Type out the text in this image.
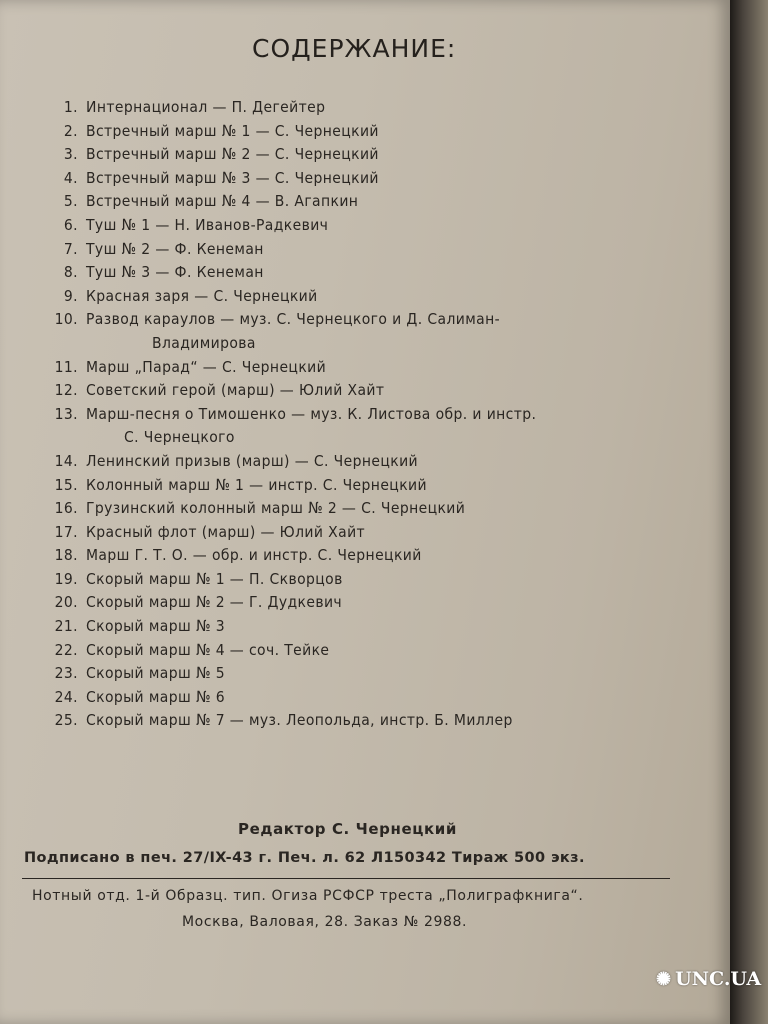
СОДЕРЖАНИЕ:
1. Интернационал — П. Дегейтер
2. Встречный марш № 1 — С. Чернецкий
3. Встречный марш № 2 — С. Чернецкий
4. Встречный марш № 3 — С. Чернецкий
5. Встречный марш № 4 — В. Агапкин
6. Туш № 1 — Н. Иванов-Радкевич
7. Туш № 2 — Ф. Кенеман
8. Туш № 3 — Ф. Кенеман
9. Красная заря — С. Чернецкий
10. Развод караулов — муз. С. Чернецкого и Д. Салиман-
Владимирова
11. Марш „Парад“ — С. Чернецкий
12. Советский герой (марш) — Юлий Хайт
13. Марш-песня о Тимошенко — муз. К. Листова обр. и инстр.
С. Чернецкого
14. Ленинский призыв (марш) — С. Чернецкий
15. Колонный марш № 1 — инстр. С. Чернецкий
16. Грузинский колонный марш № 2 — С. Чернецкий
17. Красный флот (марш) — Юлий Хайт
18. Марш Г. Т. О. — обр. и инстр. С. Чернецкий
19. Скорый марш № 1 — П. Скворцов
20. Скорый марш № 2 — Г. Дудкевич
21. Скорый марш № 3
22. Скорый марш № 4 — соч. Тейке
23. Скорый марш № 5
24. Скорый марш № 6
25. Скорый марш № 7 — муз. Леопольда, инстр. Б. Миллер
Редактор С. Чернецкий
Подписано в печ. 27/IX-43 г. Печ. л. 62 Л150342 Тираж 500 экз.
Нотный отд. 1-й Образц. тип. Огиза РСФСР треста „Полиграфкнига“.
Москва, Валовая, 28. Заказ № 2988.
✺ UNC.UA
